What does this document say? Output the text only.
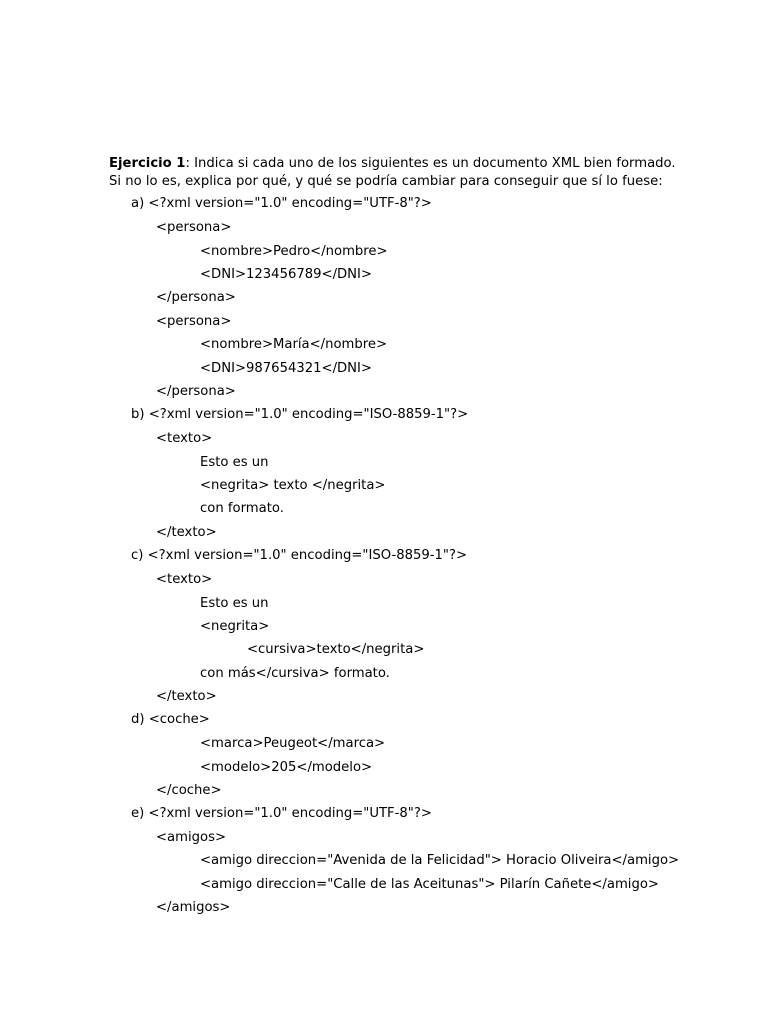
Ejercicio 1: Indica si cada uno de los siguientes es un documento XML bien formado.
Si no lo es, explica por qué, y qué se podría cambiar para conseguir que sí lo fuese:
a) <?xml version="1.0" encoding="UTF-8"?>
<persona>
<nombre>Pedro</nombre>
<DNI>123456789</DNI>
</persona>
<persona>
<nombre>María</nombre>
<DNI>987654321</DNI>
</persona>
b) <?xml version="1.0" encoding="ISO-8859-1"?>
<texto>
Esto es un
<negrita> texto </negrita>
con formato.
</texto>
c) <?xml version="1.0" encoding="ISO-8859-1"?>
<texto>
Esto es un
<negrita>
<cursiva>texto</negrita>
con más</cursiva> formato.
</texto>
d) <coche>
<marca>Peugeot</marca>
<modelo>205</modelo>
</coche>
e) <?xml version="1.0" encoding="UTF-8"?>
<amigos>
<amigo direccion="Avenida de la Felicidad"> Horacio Oliveira</amigo>
<amigo direccion="Calle de las Aceitunas"> Pilarín Cañete</amigo>
</amigos>
